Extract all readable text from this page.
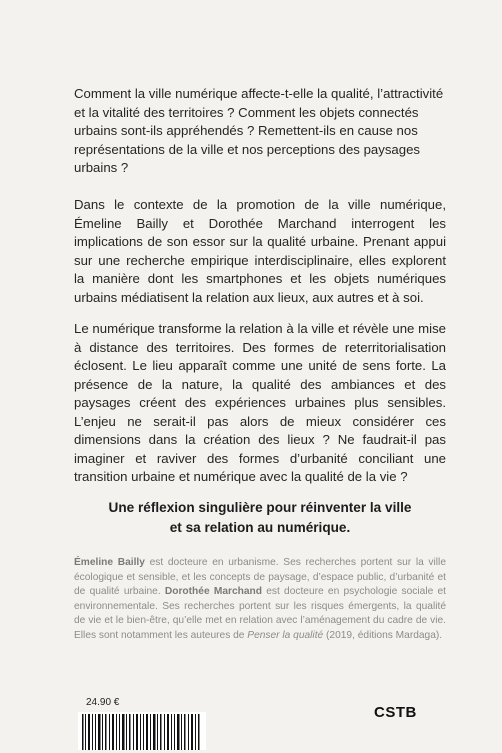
Comment la ville numérique affecte-t-elle la qualité, l’attractivité et la vitalité des territoires ? Comment les objets connectés urbains sont-ils appréhendés ? Remettent-ils en cause nos représentations de la ville et nos perceptions des paysages urbains ?

Dans le contexte de la promotion de la ville numérique, Émeline Bailly et Dorothée Marchand interrogent les implications de son essor sur la qualité urbaine. Prenant appui sur une recherche empirique interdisciplinaire, elles explorent la manière dont les smartphones et les objets numériques urbains médiatisent la relation aux lieux, aux autres et à soi.

Le numérique transforme la relation à la ville et révèle une mise à distance des territoires. Des formes de reterritorialisation éclosent. Le lieu apparaît comme une unité de sens forte. La présence de la nature, la qualité des ambiances et des paysages créent des expériences urbaines plus sensibles. L’enjeu ne serait-il pas alors de mieux considérer ces dimensions dans la création des lieux ? Ne faudrait-il pas imaginer et raviver des formes d’urbanité conciliant une transition urbaine et numérique avec la qualité de la vie ?

Une réflexion singulière pour réinventer la ville
et sa relation au numérique.

Émeline Bailly est docteure en urbanisme. Ses recherches portent sur la ville écologique et sensible, et les concepts de paysage, d’espace public, d’urbanité et de qualité urbaine. Dorothée Marchand est docteure en psychologie sociale et environnementale. Ses recherches portent sur les risques émergents, la qualité de vie et le bien-être, qu’elle met en relation avec l’aménagement du cadre de vie. Elles sont notamment les auteures de Penser la qualité (2019, éditions Mardaga).

24.90 €
CSTB
